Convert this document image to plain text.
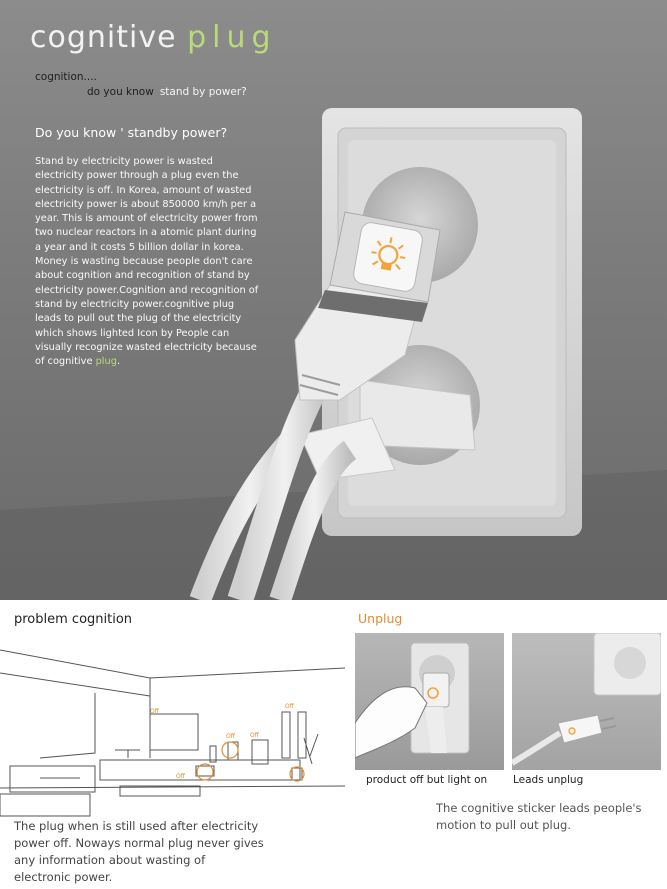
cognitive plug
cognition....
do you know stand by power?
Do you know ' standby power?

Stand by electricity power is wasted electricity power through a plug even the electricity is off. In Korea, amount of wasted electricity power is about 850000 km/h per a year. This is amount of electricity power from two nuclear reactors in a atomic plant during a year and it costs 5 billion dollar in korea. Money is wasting because people don't care about cognition and recognition of stand by electricity power.Cognition and recognition of stand by electricity power.cognitive plug leads to pull out the plug of the electricity which shows lighted Icon by People can visually recognize wasted electricity because of cognitive plug.

problem cognition
Off
Off
Off	Off
Off

The plug when is still used after electricity power off. Noways normal plug never gives any information about wasting of electronic power.

Unplug
product off but light on Leads unplug

The cognitive sticker leads people's motion to pull out plug.
